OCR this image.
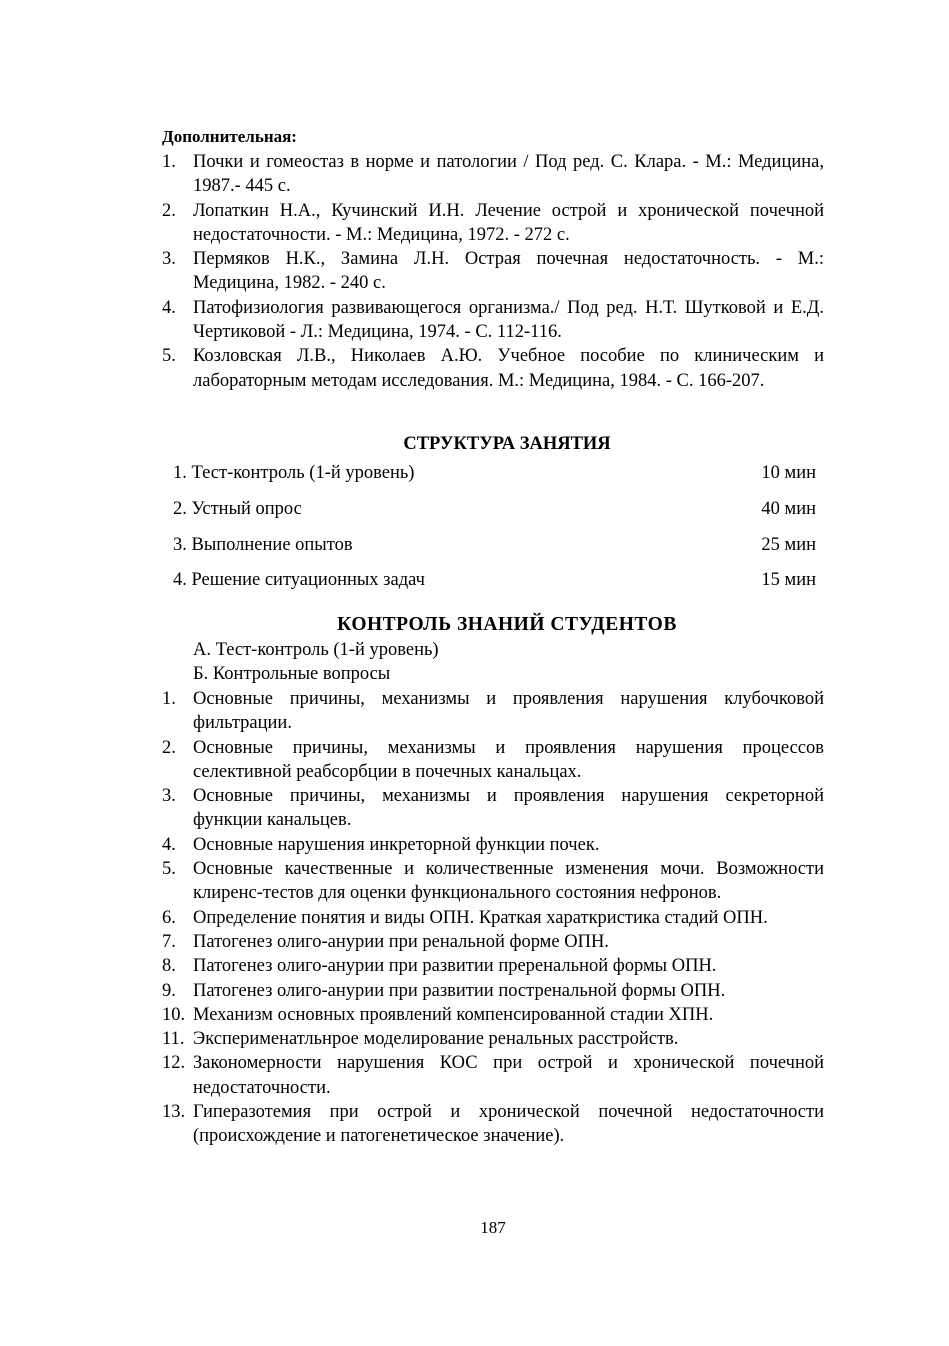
Дополнительная:
1. Почки и гомеостаз в норме и патологии / Под ред. С. Клара. - М.: Медицина, 1987.- 445 с.
2. Лопаткин Н.А., Кучинский И.Н. Лечение острой и хронической почечной недостаточности. - М.: Медицина, 1972. - 272 с.
3. Пермяков Н.К., Замина Л.Н. Острая почечная недостаточность. - М.: Медицина, 1982. - 240 с.
4. Патофизиология развивающегося организма./ Под ред. Н.Т. Шутковой и Е.Д. Чертиковой - Л.: Медицина, 1974. - С. 112-116.
5. Козловская Л.В., Николаев А.Ю. Учебное пособие по клиническим и лабораторным методам исследования. М.: Медицина, 1984. - С. 166-207.
СТРУКТУРА ЗАНЯТИЯ
1. Тест-контроль (1-й уровень)	10 мин
2. Устный опрос	40 мин
3. Выполнение опытов	25 мин
4. Решение ситуационных задач	15 мин
КОНТРОЛЬ ЗНАНИЙ СТУДЕНТОВ
А. Тест-контроль (1-й уровень)
Б. Контрольные вопросы
1. Основные причины, механизмы и проявления нарушения клубочковой фильтрации.
2. Основные причины, механизмы и проявления нарушения процессов селективной реабсорбции в почечных канальцах.
3. Основные причины, механизмы и проявления нарушения секреторной функции канальцев.
4. Основные нарушения инкреторной функции почек.
5. Основные качественные и количественные изменения мочи. Возможности клиренс-тестов для оценки функционального состояния нефронов.
6. Определение понятия и виды ОПН. Краткая хараткристика стадий ОПН.
7. Патогенез олиго-анурии при ренальной форме ОПН.
8. Патогенез олиго-анурии при развитии преренальной формы ОПН.
9. Патогенез олиго-анурии при развитии постренальной формы ОПН.
10. Механизм основных проявлений компенсированной стадии ХПН.
11. Эксперименатльнрое моделирование ренальных расстройств.
12. Закономерности нарушения КОС при острой и хронической почечной недостаточности.
13. Гиперазотемия при острой и хронической почечной недостаточности (происхождение и патогенетическое значение).
187
